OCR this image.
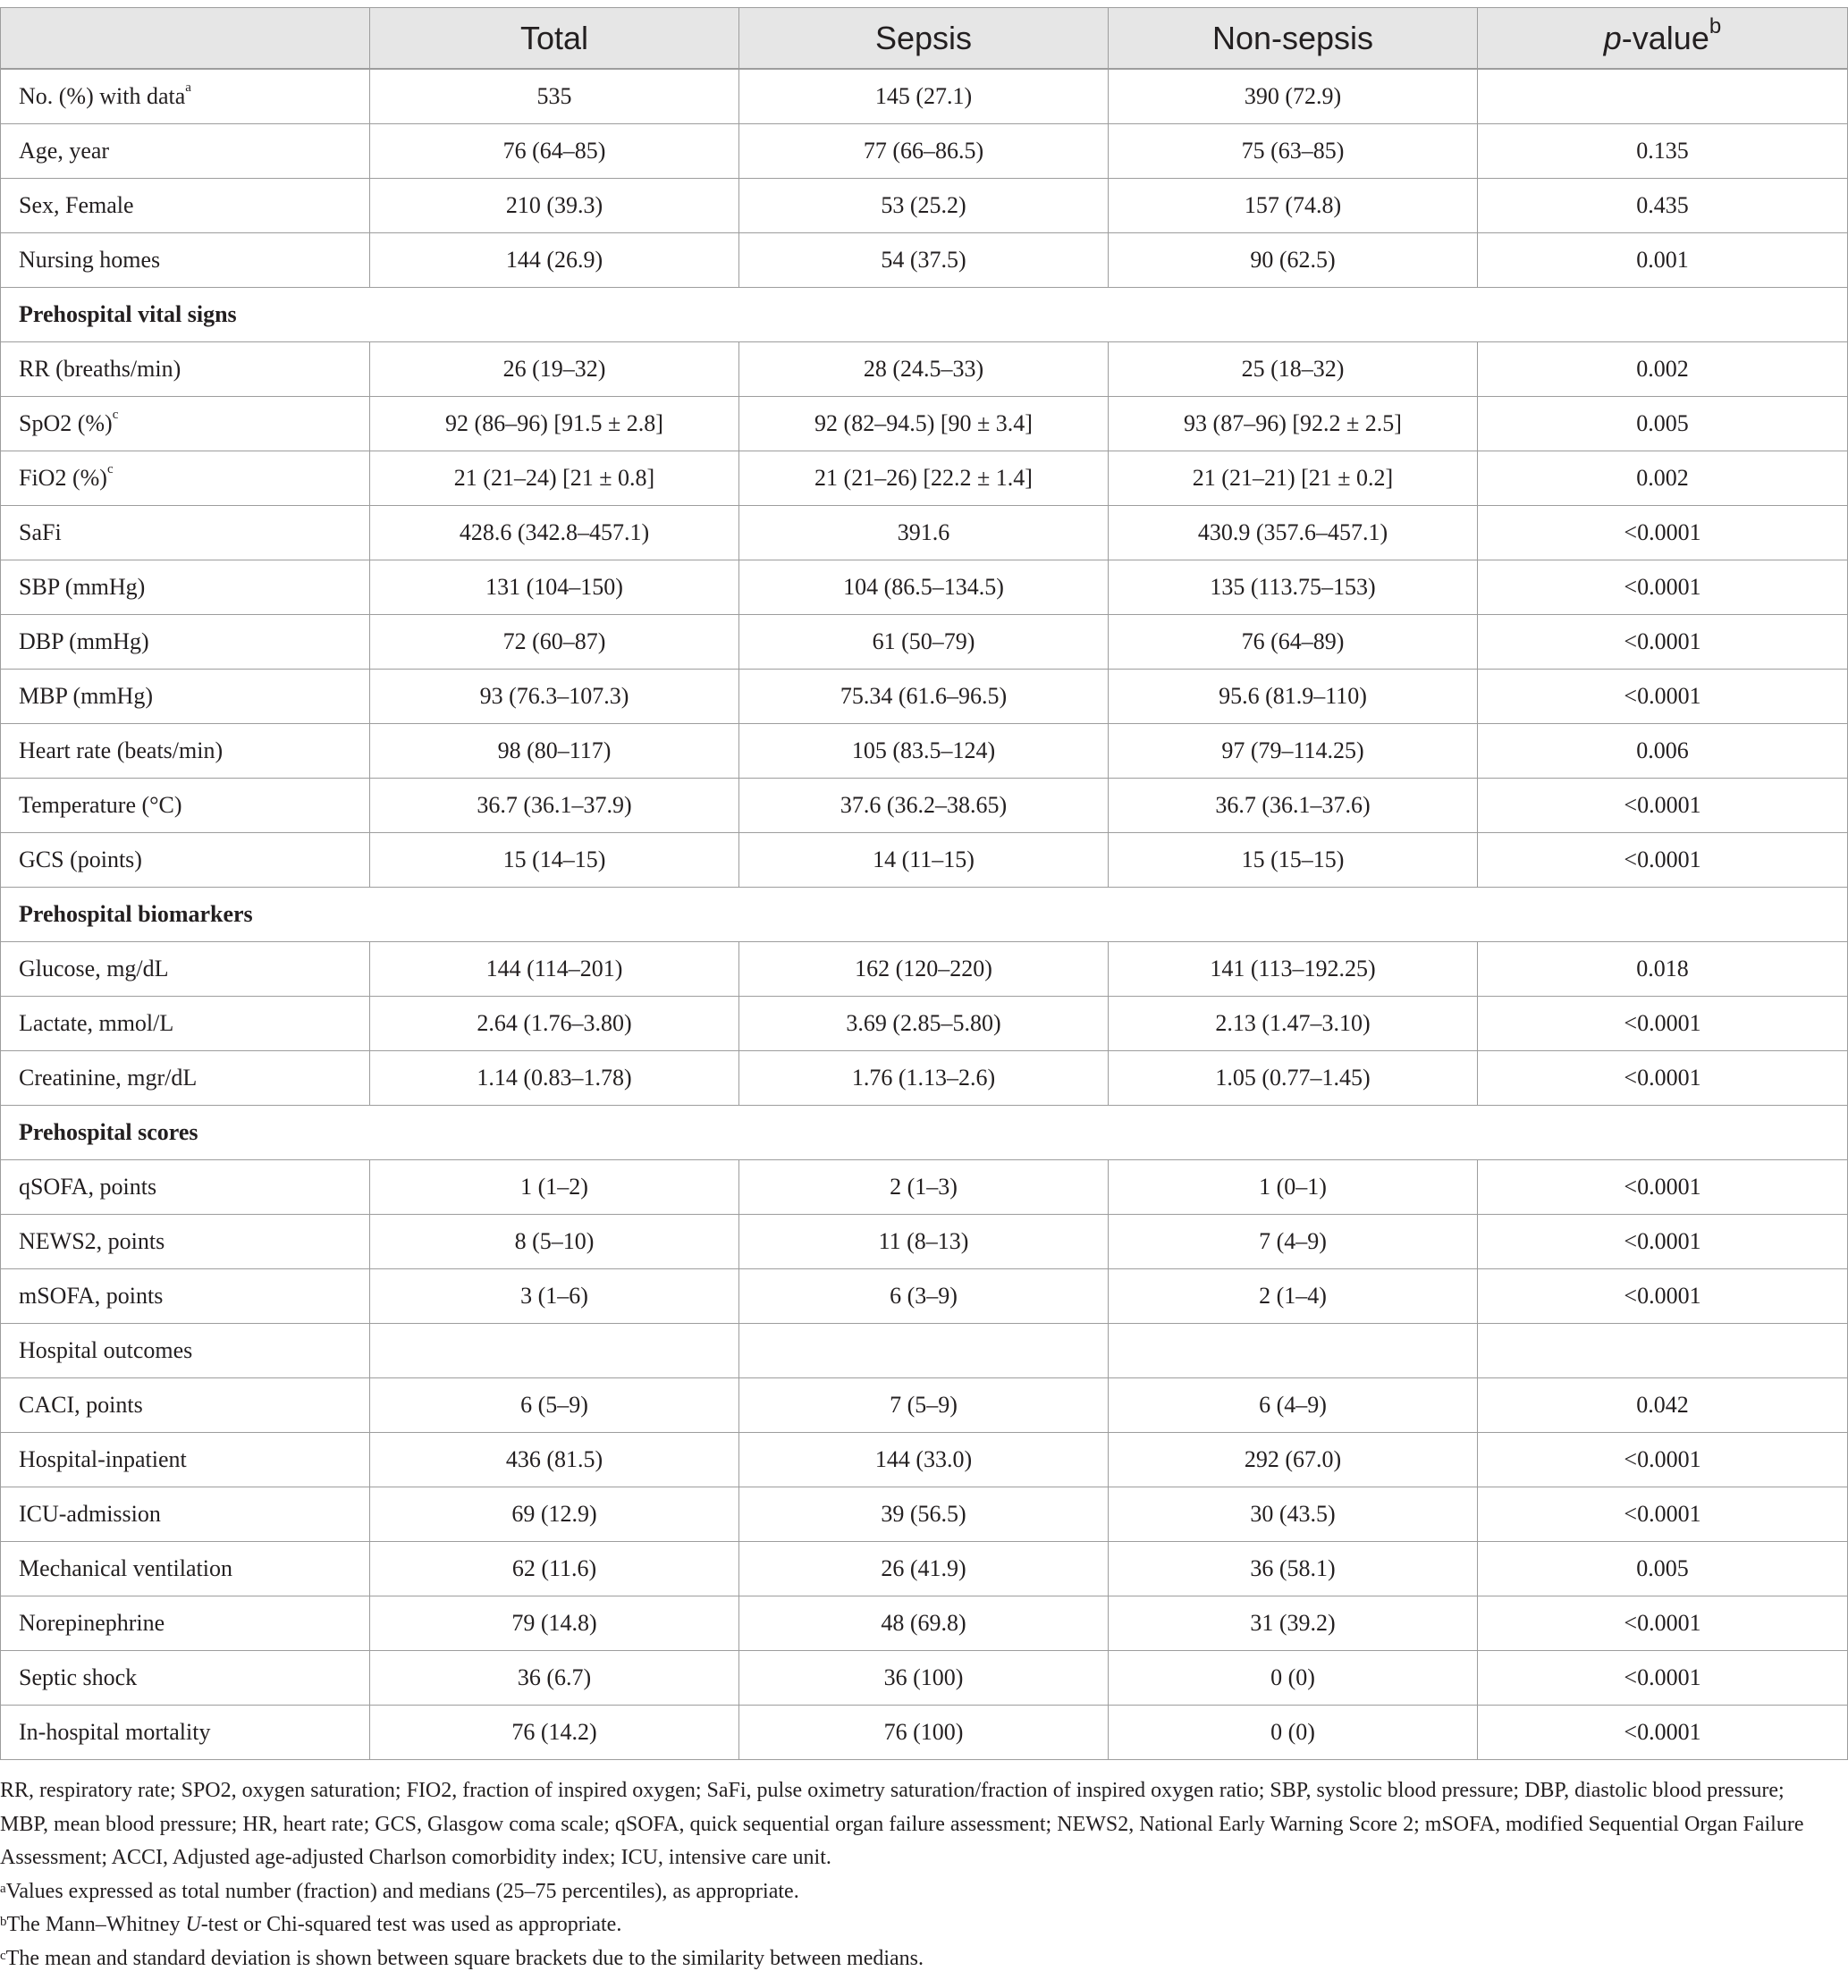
	Total	Sepsis	Non-sepsis	p-value$^b$
No. (%) with data$^a$	535	145 (27.1)	390 (72.9)	
Age, year	76 (64–85)	77 (66–86.5)	75 (63–85)	0.135
Sex, Female	210 (39.3)	53 (25.2)	157 (74.8)	0.435
Nursing homes	144 (26.9)	54 (37.5)	90 (62.5)	0.001
Prehospital vital signs				
RR (breaths/min)	26 (19–32)	28 (24.5–33)	25 (18–32)	0.002
SpO2 (%)$^c$	92 (86–96) [91.5 ± 2.8]	92 (82–94.5) [90 ± 3.4]	93 (87–96) [92.2 ± 2.5]	0.005
FiO2 (%)$^c$	21 (21–24) [21 ± 0.8]	21 (21–26) [22.2 ± 1.4]	21 (21–21) [21 ± 0.2]	0.002
SaFi	428.6 (342.8–457.1)	391.6	430.9 (357.6–457.1)	<0.0001
SBP (mmHg)	131 (104–150)	104 (86.5–134.5)	135 (113.75–153)	<0.0001
DBP (mmHg)	72 (60–87)	61 (50–79)	76 (64–89)	<0.0001
MBP (mmHg)	93 (76.3–107.3)	75.34 (61.6–96.5)	95.6 (81.9–110)	<0.0001
Heart rate (beats/min)	98 (80–117)	105 (83.5–124)	97 (79–114.25)	0.006
Temperature (°C)	36.7 (36.1–37.9)	37.6 (36.2–38.65)	36.7 (36.1–37.6)	<0.0001
GCS (points)	15 (14–15)	14 (11–15)	15 (15–15)	<0.0001
Prehospital biomarkers				
Glucose, mg/dL	144 (114–201)	162 (120–220)	141 (113–192.25)	0.018
Lactate, mmol/L	2.64 (1.76–3.80)	3.69 (2.85–5.80)	2.13 (1.47–3.10)	<0.0001
Creatinine, mgr/dL	1.14 (0.83–1.78)	1.76 (1.13–2.6)	1.05 (0.77–1.45)	<0.0001
Prehospital scores				
qSOFA, points	1 (1–2)	2 (1–3)	1 (0–1)	<0.0001
NEWS2, points	8 (5–10)	11 (8–13)	7 (4–9)	<0.0001
mSOFA, points	3 (1–6)	6 (3–9)	2 (1–4)	<0.0001
Hospital outcomes				
CACI, points	6 (5–9)	7 (5–9)	6 (4–9)	0.042
Hospital-inpatient	436 (81.5)	144 (33.0)	292 (67.0)	<0.0001
ICU-admission	69 (12.9)	39 (56.5)	30 (43.5)	<0.0001
Mechanical ventilation	62 (11.6)	26 (41.9)	36 (58.1)	0.005
Norepinephrine	79 (14.8)	48 (69.8)	31 (39.2)	<0.0001
Septic shock	36 (6.7)	36 (100)	0 (0)	<0.0001
In-hospital mortality	76 (14.2)	76 (100)	0 (0)	<0.0001

RR, respiratory rate; SPO2, oxygen saturation; FIO2, fraction of inspired oxygen; SaFi, pulse oximetry saturation/fraction of inspired oxygen ratio; SBP, systolic blood pressure; DBP, diastolic blood pressure; MBP, mean blood pressure; HR, heart rate; GCS, Glasgow coma scale; qSOFA, quick sequential organ failure assessment; NEWS2, National Early Warning Score 2; mSOFA, modified Sequential Organ Failure Assessment; ACCI, Adjusted age-adjusted Charlson comorbidity index; ICU, intensive care unit.

$^a$Values expressed as total number (fraction) and medians (25–75 percentiles), as appropriate.

$^b$The Mann–Whitney U-test or Chi-squared test was used as appropriate.

$^c$The mean and standard deviation is shown between square brackets due to the similarity between medians.
